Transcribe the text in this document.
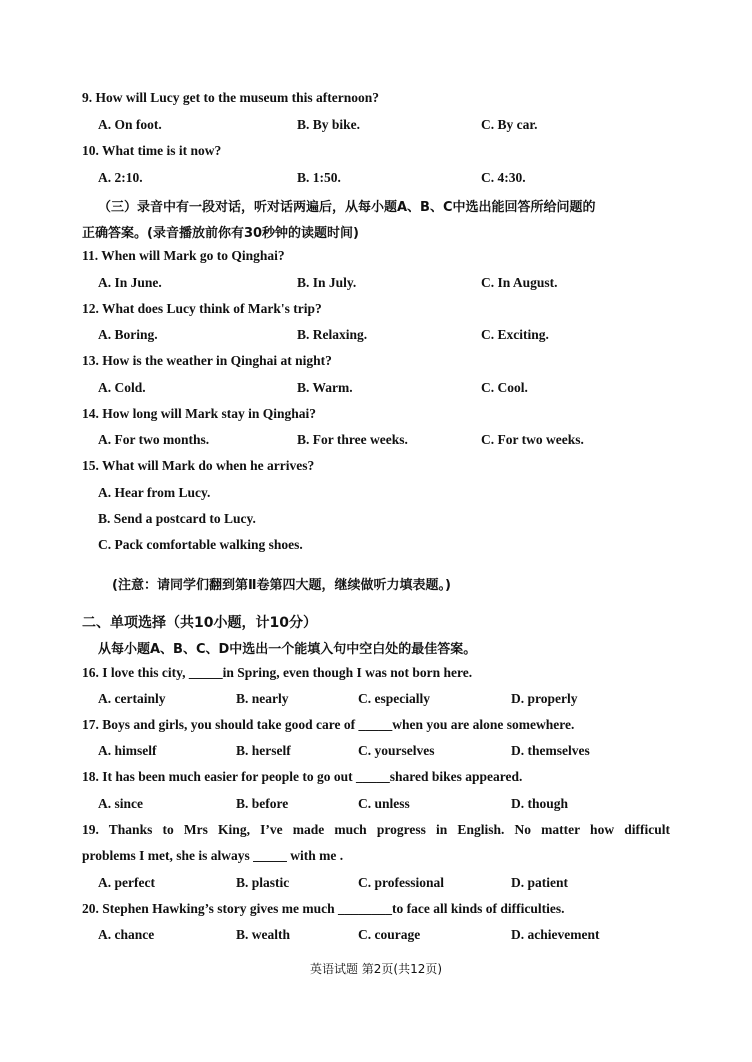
9. How will Lucy get to the museum this afternoon?
A. On foot.	B. By bike.	C. By car.
10. What time is it now?
A. 2:10.	B. 1:50.	C. 4:30.
（三）录音中有一段对话，听对话两遍后，从每小题A、B、C中选出能回答所给问题的
正确答案。(录音播放前你有30秒钟的读题时间)
11. When will Mark go to Qinghai?
A. In June.	B. In July.	C. In August.
12. What does Lucy think of Mark's trip?
A. Boring.	B. Relaxing.	C. Exciting.
13. How is the weather in Qinghai at night?
A. Cold.	B. Warm.	C. Cool.
14. How long will Mark stay in Qinghai?
A. For two months.	B. For three weeks.	C. For two weeks.
15. What will Mark do when he arrives?
A. Hear from Lucy.
B. Send a postcard to Lucy.
C. Pack comfortable walking shoes.
(注意：请同学们翻到第Ⅱ卷第四大题，继续做听力填表题。)
二、单项选择（共10小题，计10分）
从每小题A、B、C、D中选出一个能填入句中空白处的最佳答案。
16. I love this city, _____in Spring, even though I was not born here.
A. certainly	B. nearly	C. especially	D. properly
17. Boys and girls, you should take good care of _____when you are alone somewhere.
A. himself	B. herself	C. yourselves	D. themselves
18. It has been much easier for people to go out _____shared bikes appeared.
A. since	B. before	C. unless	D. though
19. Thanks to Mrs King, I’ve made much progress in English. No matter how difficult
problems I met, she is always _____ with me .
A. perfect	B. plastic	C. professional	D. patient
20. Stephen Hawking’s story gives me much ________to face all kinds of difficulties.
A. chance	B. wealth	C. courage	D. achievement
英语试题 第2页(共12页)
